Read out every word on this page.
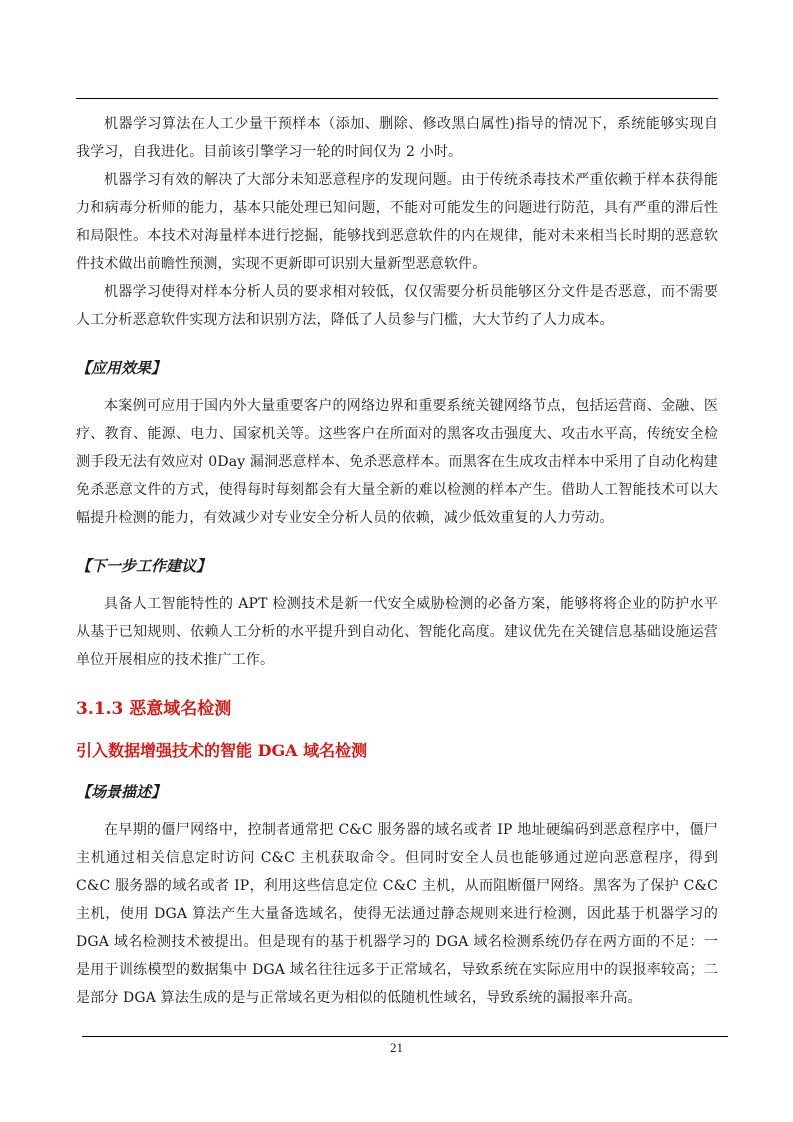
机器学习算法在人工少量干预样本（添加、删除、修改黑白属性)指导的情况下，系统能够实现自我学习，自我进化。目前该引擎学习一轮的时间仅为 2 小时。

机器学习有效的解决了大部分未知恶意程序的发现问题。由于传统杀毒技术严重依赖于样本获得能力和病毒分析师的能力，基本只能处理已知问题，不能对可能发生的问题进行防范，具有严重的滞后性和局限性。本技术对海量样本进行挖掘，能够找到恶意软件的内在规律，能对未来相当长时期的恶意软件技术做出前瞻性预测，实现不更新即可识别大量新型恶意软件。

机器学习使得对样本分析人员的要求相对较低，仅仅需要分析员能够区分文件是否恶意，而不需要人工分析恶意软件实现方法和识别方法，降低了人员参与门槛，大大节约了人力成本。

【应用效果】

本案例可应用于国内外大量重要客户的网络边界和重要系统关键网络节点，包括运营商、金融、医疗、教育、能源、电力、国家机关等。这些客户在所面对的黑客攻击强度大、攻击水平高，传统安全检测手段无法有效应对 0Day 漏洞恶意样本、免杀恶意样本。而黑客在生成攻击样本中采用了自动化构建免杀恶意文件的方式，使得每时每刻都会有大量全新的难以检测的样本产生。借助人工智能技术可以大幅提升检测的能力，有效减少对专业安全分析人员的依赖，减少低效重复的人力劳动。

【下一步工作建议】

具备人工智能特性的 APT 检测技术是新一代安全威胁检测的必备方案，能够将将企业的防护水平从基于已知规则、依赖人工分析的水平提升到自动化、智能化高度。建议优先在关键信息基础设施运营单位开展相应的技术推广工作。

3.1.3 恶意域名检测

引入数据增强技术的智能 DGA 域名检测

【场景描述】

在早期的僵尸网络中，控制者通常把 C&C 服务器的域名或者 IP 地址硬编码到恶意程序中，僵尸主机通过相关信息定时访问 C&C 主机获取命令。但同时安全人员也能够通过逆向恶意程序，得到 C&C 服务器的域名或者 IP，利用这些信息定位 C&C 主机，从而阻断僵尸网络。黑客为了保护 C&C 主机，使用 DGA 算法产生大量备选域名，使得无法通过静态规则来进行检测，因此基于机器学习的 DGA 域名检测技术被提出。但是现有的基于机器学习的 DGA 域名检测系统仍存在两方面的不足：一是用于训练模型的数据集中 DGA 域名往往远多于正常域名，导致系统在实际应用中的误报率较高；二是部分 DGA 算法生成的是与正常域名更为相似的低随机性域名，导致系统的漏报率升高。

21
